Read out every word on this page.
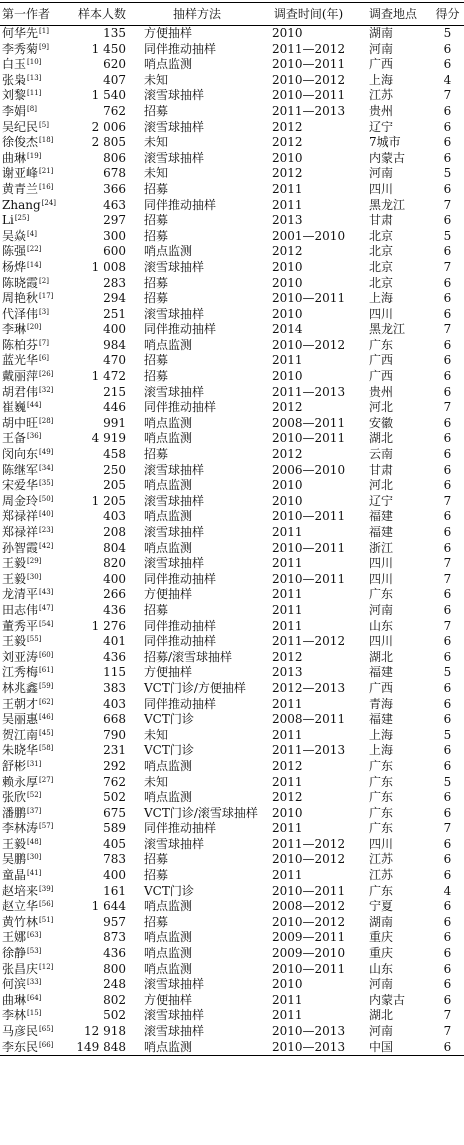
第一作者	样本人数	抽样方法	调查时间(年)	调查地点	得分
何华先[1]	135	方便抽样	2010	湖南	5
李秀菊[9]	1 450	同伴推动抽样	2011—2012	河南	6
白玉[10]	620	哨点监测	2010—2011	广西	6
张枭[13]	407	未知	2010—2012	上海	4
刘黎[11]	1 540	滚雪球抽样	2010—2011	江苏	7
李娟[8]	762	招募	2011—2013	贵州	6
吴纪民[5]	2 006	滚雪球抽样	2012	辽宁	6
徐俊杰[18]	2 805	未知	2012	7城市	6
曲琳[19]	806	滚雪球抽样	2010	内蒙古	6
谢亚峰[21]	678	未知	2012	河南	5
黄青兰[16]	366	招募	2011	四川	6
Zhang[24]	463	同伴推动抽样	2011	黑龙江	7
Li[25]	297	招募	2013	甘肃	6
吴焱[4]	300	招募	2001—2010	北京	5
陈强[22]	600	哨点监测	2012	北京	6
杨烨[14]	1 008	滚雪球抽样	2010	北京	7
陈晓霞[2]	283	招募	2010	北京	6
周艳秋[17]	294	招募	2010—2011	上海	6
代泽伟[3]	251	滚雪球抽样	2010	四川	6
李琳[20]	400	同伴推动抽样	2014	黑龙江	7
陈柏芬[7]	984	哨点监测	2010—2012	广东	6
蓝光华[6]	470	招募	2011	广西	6
戴丽萍[26]	1 472	招募	2010	广西	6
胡君伟[32]	215	滚雪球抽样	2011—2013	贵州	6
崔巍[44]	446	同伴推动抽样	2012	河北	7
胡中旺[28]	991	哨点监测	2008—2011	安徽	6
王备[36]	4 919	哨点监测	2010—2011	湖北	6
闵向东[49]	458	招募	2012	云南	6
陈继军[34]	250	滚雪球抽样	2006—2010	甘肃	6
宋爱华[35]	205	哨点监测	2010	河北	6
周金玲[50]	1 205	滚雪球抽样	2010	辽宁	7
郑禄祥[40]	403	哨点监测	2010—2011	福建	6
郑禄祥[23]	208	滚雪球抽样	2011	福建	6
孙智霞[42]	804	哨点监测	2010—2011	浙江	6
王毅[29]	820	滚雪球抽样	2011	四川	7
王毅[30]	400	同伴推动抽样	2010—2011	四川	7
龙清平[43]	266	方便抽样	2011	广东	6
田志伟[47]	436	招募	2011	河南	6
董秀平[54]	1 276	同伴推动抽样	2011	山东	7
王毅[55]	401	同伴推动抽样	2011—2012	四川	6
刘亚涛[60]	436	招募/滚雪球抽样	2012	湖北	6
江秀梅[61]	115	方便抽样	2013	福建	5
林兆鑫[59]	383	VCT门诊/方便抽样	2012—2013	广西	6
王朝才[62]	403	同伴推动抽样	2011	青海	6
吴丽惠[46]	668	VCT门诊	2008—2011	福建	6
贺江南[45]	790	未知	2011	上海	5
朱晓华[58]	231	VCT门诊	2011—2013	上海	6
舒彬[31]	292	哨点监测	2012	广东	6
赖永厚[27]	762	未知	2011	广东	5
张欣[52]	502	哨点监测	2012	广东	6
潘鹏[37]	675	VCT门诊/滚雪球抽样	2010	广东	6
李林涛[57]	589	同伴推动抽样	2011	广东	7
王毅[48]	405	滚雪球抽样	2011—2012	四川	6
吴鹏[30]	783	招募	2010—2012	江苏	6
童晶[41]	400	招募	2011	江苏	6
赵培来[39]	161	VCT门诊	2010—2011	广东	4
赵立华[56]	1 644	哨点监测	2008—2012	宁夏	6
黄竹林[51]	957	招募	2010—2012	湖南	6
王娜[63]	873	哨点监测	2009—2011	重庆	6
徐静[53]	436	哨点监测	2009—2010	重庆	6
张昌庆[12]	800	哨点监测	2010—2011	山东	6
何滨[33]	248	滚雪球抽样	2010	河南	6
曲琳[64]	802	方便抽样	2011	内蒙古	6
李林[15]	502	滚雪球抽样	2011	湖北	7
马彦民[65]	12 918	滚雪球抽样	2010—2013	河南	7
李东民[66]	149 848	哨点监测	2010—2013	中国	6
